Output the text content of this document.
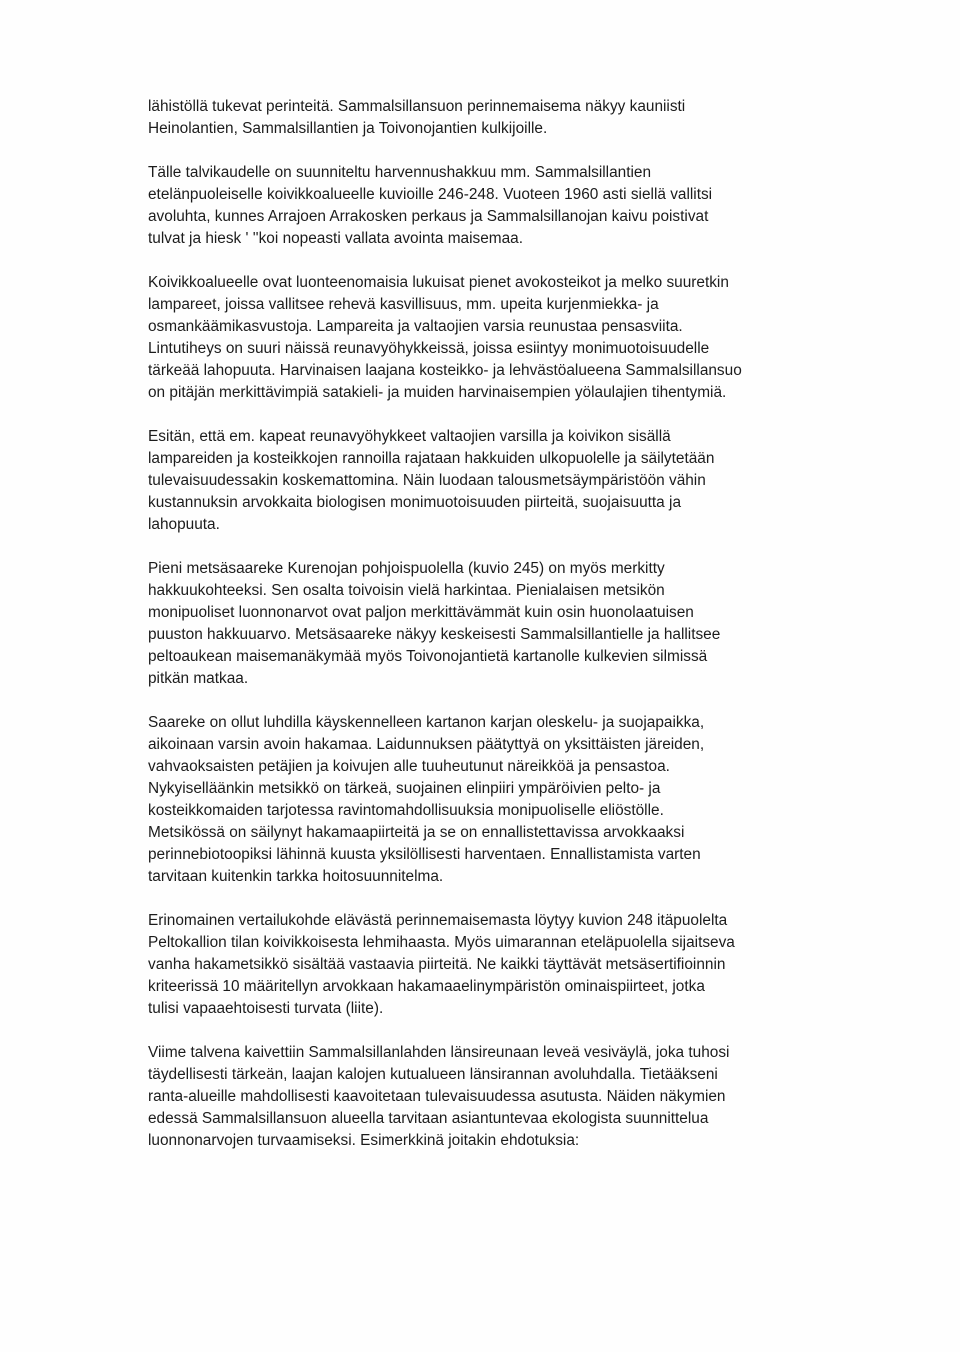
lähistöllä tukevat perinteitä. Sammalsillansuon perinnemaisema näkyy kauniisti
Heinolantien, Sammalsillantien ja Toivonojantien kulkijoille.
Tälle talvikaudelle on suunniteltu harvennushakkuu mm. Sammalsillantien
etelänpuoleiselle koivikkoalueelle kuvioille 246-248. Vuoteen 1960 asti siellä vallitsi
avoluhta, kunnes Arrajoen Arrakosken perkaus ja Sammalsillanojan kaivu poistivat
tulvat ja hiesk ' ''koi nopeasti vallata avointa maisemaa.
Koivikkoalueelle ovat luonteenomaisia lukuisat pienet avokosteikot ja melko suuretkin
lampareet, joissa vallitsee rehevä kasvillisuus, mm. upeita kurjenmiekka- ja
osmankäämikasvustoja. Lampareita ja valtaojien varsia reunustaa pensasviita.
Lintutiheys on suuri näissä reunavyöhykkeissä, joissa esiintyy monimuotoisuudelle
tärkeää lahopuuta. Harvinaisen laajana kosteikko- ja lehvästöalueena Sammalsillansuo
on pitäjän merkittävimpiä satakieli- ja muiden harvinaisempien yölaulajien tihentymiä.
Esitän, että em. kapeat reunavyöhykkeet valtaojien varsilla ja koivikon sisällä
lampareiden ja kosteikkojen rannoilla rajataan hakkuiden ulkopuolelle ja säilytetään
tulevaisuudessakin koskemattomina. Näin luodaan talousmetsäympäristöön vähin
kustannuksin arvokkaita biologisen monimuotoisuuden piirteitä, suojaisuutta ja
lahopuuta.
Pieni metsäsaareke Kurenojan pohjoispuolella (kuvio 245) on myös merkitty
hakkuukohteeksi. Sen osalta toivoisin vielä harkintaa. Pienialaisen metsikön
monipuoliset luonnonarvot ovat paljon merkittävämmät kuin osin huonolaatuisen
puuston hakkuuarvo. Metsäsaareke näkyy keskeisesti Sammalsillantielle ja hallitsee
peltoaukean maisemanäkymää myös Toivonojantietä kartanolle kulkevien silmissä
pitkän matkaa.
Saareke on ollut luhdilla käyskennelleen kartanon karjan oleskelu- ja suojapaikka,
aikoinaan varsin avoin hakamaa. Laidunnuksen päätyttyä on yksittäisten järeiden,
vahvaoksaisten petäjien ja koivujen alle tuuheutunut näreikköä ja pensastoa.
Nykyiselläänkin metsikkö on tärkeä, suojainen elinpiiri ympäröivien pelto- ja
kosteikkomaiden tarjotessa ravintomahdollisuuksia monipuoliselle eliöstölle.
Metsikössä on säilynyt hakamaapiirteitä ja se on ennallistettavissa arvokkaaksi
perinnebiotoopiksi lähinnä kuusta yksilöllisesti harventaen. Ennallistamista varten
tarvitaan kuitenkin tarkka hoitosuunnitelma.
Erinomainen vertailukohde elävästä perinnemaisemasta löytyy kuvion 248 itäpuolelta
Peltokallion tilan koivikkoisesta lehmihaasta. Myös uimarannan eteläpuolella sijaitseva
vanha hakametsikkö sisältää vastaavia piirteitä. Ne kaikki täyttävät metsäsertifioinnin
kriteerissä 10 määritellyn arvokkaan hakamaaelinympäristön ominaispiirteet, jotka
tulisi vapaaehtoisesti turvata (liite).
Viime talvena kaivettiin Sammalsillanlahden länsireunaan leveä vesiväylä, joka tuhosi
täydellisesti tärkeän, laajan kalojen kutualueen länsirannan avoluhdalla. Tietääkseni
ranta-alueille mahdollisesti kaavoitetaan tulevaisuudessa asutusta. Näiden näkymien
edessä Sammalsillansuon alueella tarvitaan asiantuntevaa ekologista suunnittelua
luonnonarvojen turvaamiseksi. Esimerkkinä joitakin ehdotuksia:
